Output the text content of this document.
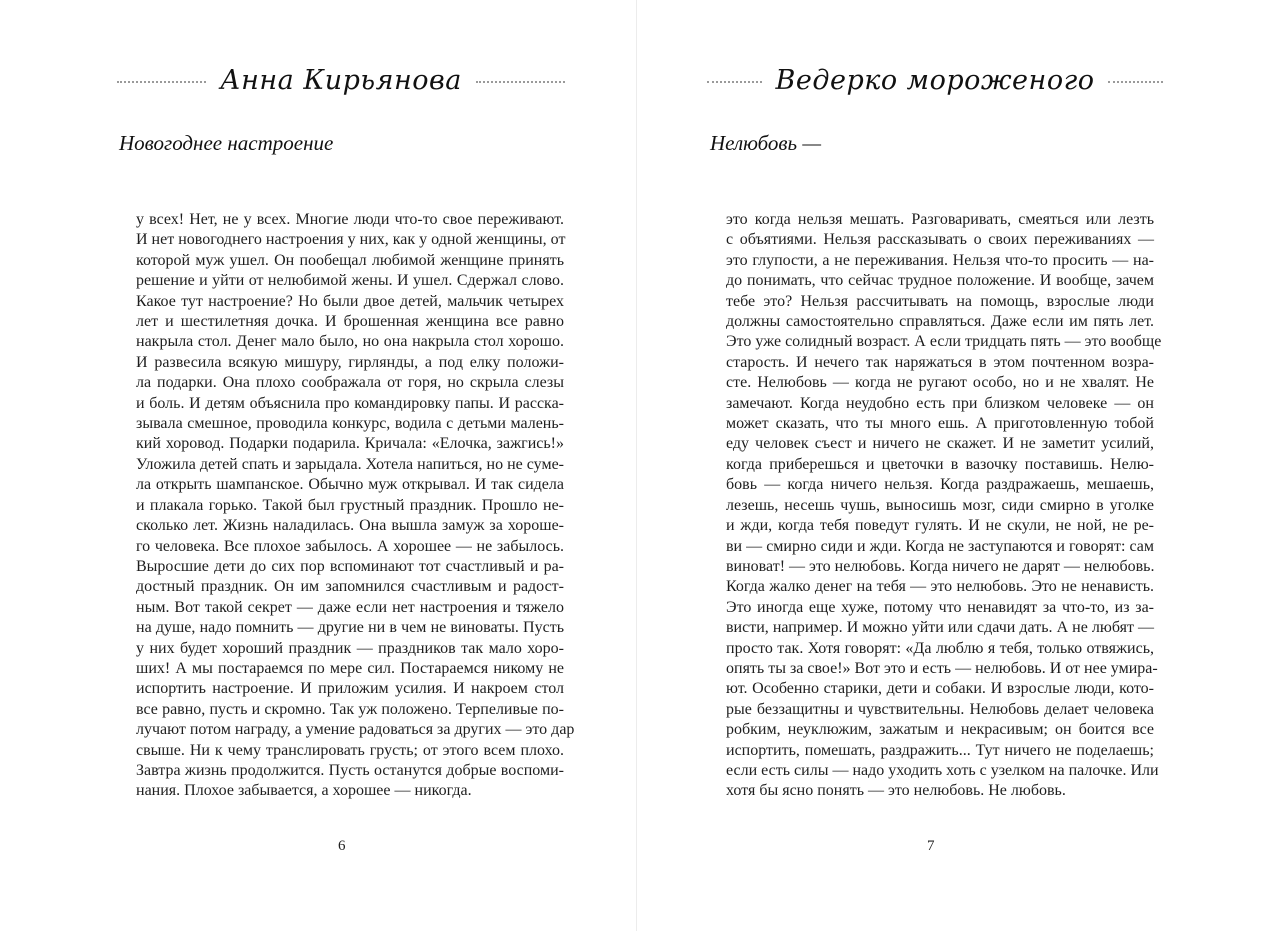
Анна Кирьянова
Новогоднее настроение
у всех! Нет, не у всех. Многие люди что-то свое переживают.
И нет новогоднего настроения у них, как у одной женщины, от
которой муж ушел. Он пообещал любимой женщине принять
решение и уйти от нелюбимой жены. И ушел. Сдержал слово.
Какое тут настроение? Но были двое детей, мальчик четырех
лет и шестилетняя дочка. И брошенная женщина все равно
накрыла стол. Денег мало было, но она накрыла стол хорошо.
И развесила всякую мишуру, гирлянды, а под елку положи-
ла подарки. Она плохо соображала от горя, но скрыла слезы
и боль. И детям объяснила про командировку папы. И расска-
зывала смешное, проводила конкурс, водила с детьми малень-
кий хоровод. Подарки подарила. Кричала: «Елочка, зажгись!»
Уложила детей спать и зарыдала. Хотела напиться, но не суме-
ла открыть шампанское. Обычно муж открывал. И так сидела
и плакала горько. Такой был грустный праздник. Прошло не-
сколько лет. Жизнь наладилась. Она вышла замуж за хороше-
го человека. Все плохое забылось. А хорошее — не забылось.
Выросшие дети до сих пор вспоминают тот счастливый и ра-
достный праздник. Он им запомнился счастливым и радост-
ным. Вот такой секрет — даже если нет настроения и тяжело
на душе, надо помнить — другие ни в чем не виноваты. Пусть
у них будет хороший праздник — праздников так мало хоро-
ших! А мы постараемся по мере сил. Постараемся никому не
испортить настроение. И приложим усилия. И накроем стол
все равно, пусть и скромно. Так уж положено. Терпеливые по-
лучают потом награду, а умение радоваться за других — это дар
свыше. Ни к чему транслировать грусть; от этого всем плохо.
Завтра жизнь продолжится. Пусть останутся добрые воспоми-
нания. Плохое забывается, а хорошее — никогда.
6
Ведерко мороженого
Нелюбовь —
это когда нельзя мешать. Разговаривать, смеяться или лезть
с объятиями. Нельзя рассказывать о своих переживаниях —
это глупости, а не переживания. Нельзя что-то просить — на-
до понимать, что сейчас трудное положение. И вообще, зачем
тебе это? Нельзя рассчитывать на помощь, взрослые люди
должны самостоятельно справляться. Даже если им пять лет.
Это уже солидный возраст. А если тридцать пять — это вообще
старость. И нечего так наряжаться в этом почтенном возра-
сте. Нелюбовь — когда не ругают особо, но и не хвалят. Не
замечают. Когда неудобно есть при близком человеке — он
может сказать, что ты много ешь. А приготовленную тобой
еду человек съест и ничего не скажет. И не заметит усилий,
когда приберешься и цветочки в вазочку поставишь. Нелю-
бовь — когда ничего нельзя. Когда раздражаешь, мешаешь,
лезешь, несешь чушь, выносишь мозг, сиди смирно в уголке
и жди, когда тебя поведут гулять. И не скули, не ной, не ре-
ви — смирно сиди и жди. Когда не заступаются и говорят: сам
виноват! — это нелюбовь. Когда ничего не дарят — нелюбовь.
Когда жалко денег на тебя — это нелюбовь. Это не ненависть.
Это иногда еще хуже, потому что ненавидят за что-то, из за-
висти, например. И можно уйти или сдачи дать. А не любят —
просто так. Хотя говорят: «Да люблю я тебя, только отвяжись,
опять ты за свое!» Вот это и есть — нелюбовь. И от нее умира-
ют. Особенно старики, дети и собаки. И взрослые люди, кото-
рые беззащитны и чувствительны. Нелюбовь делает человека
робким, неуклюжим, зажатым и некрасивым; он боится все
испортить, помешать, раздражить... Тут ничего не поделаешь;
если есть силы — надо уходить хоть с узелком на палочке. Или
хотя бы ясно понять — это нелюбовь. Не любовь.
7
